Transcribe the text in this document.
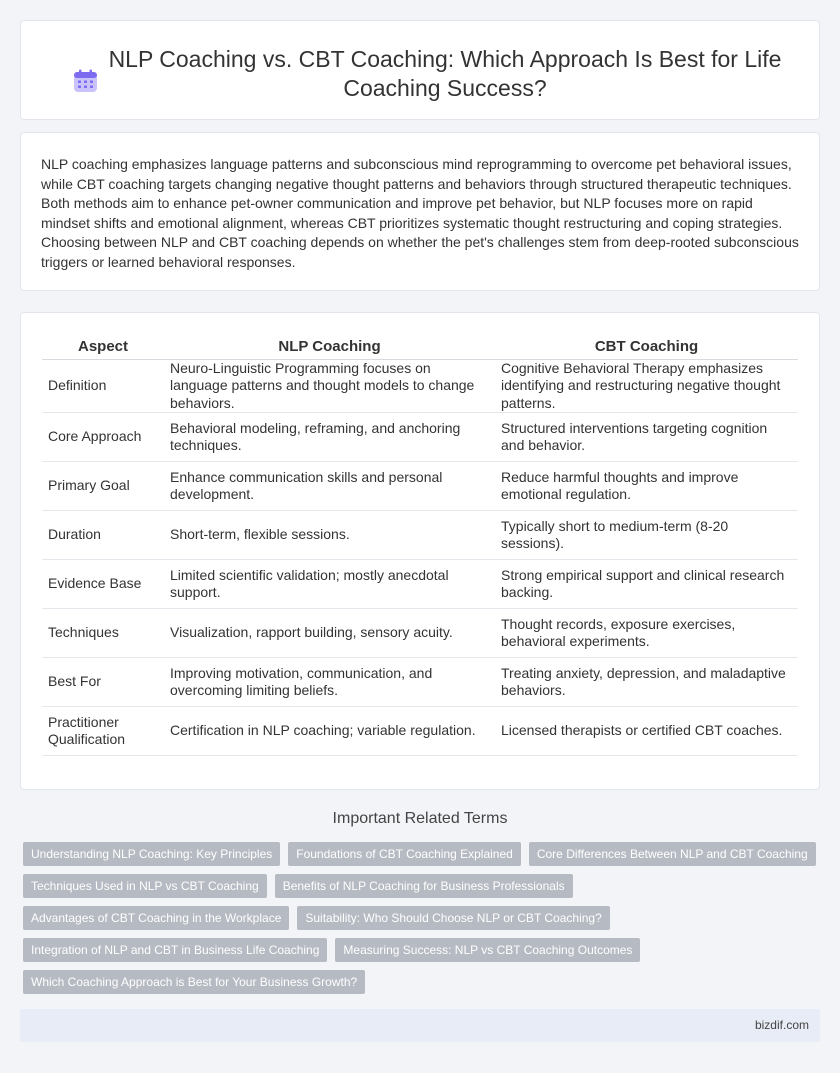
NLP Coaching vs. CBT Coaching: Which Approach Is Best for Life Coaching Success?

NLP coaching emphasizes language patterns and subconscious mind reprogramming to overcome pet behavioral issues, while CBT coaching targets changing negative thought patterns and behaviors through structured therapeutic techniques. Both methods aim to enhance pet-owner communication and improve pet behavior, but NLP focuses more on rapid mindset shifts and emotional alignment, whereas CBT prioritizes systematic thought restructuring and coping strategies. Choosing between NLP and CBT coaching depends on whether the pet's challenges stem from deep-rooted subconscious triggers or learned behavioral responses.

Aspect	NLP Coaching	CBT Coaching
Definition	Neuro-Linguistic Programming focuses on language patterns and thought models to change behaviors.	Cognitive Behavioral Therapy emphasizes identifying and restructuring negative thought patterns.
Core Approach	Behavioral modeling, reframing, and anchoring techniques.	Structured interventions targeting cognition and behavior.
Primary Goal	Enhance communication skills and personal development.	Reduce harmful thoughts and improve emotional regulation.
Duration	Short-term, flexible sessions.	Typically short to medium-term (8-20 sessions).
Evidence Base	Limited scientific validation; mostly anecdotal support.	Strong empirical support and clinical research backing.
Techniques	Visualization, rapport building, sensory acuity.	Thought records, exposure exercises, behavioral experiments.
Best For	Improving motivation, communication, and overcoming limiting beliefs.	Treating anxiety, depression, and maladaptive behaviors.
Practitioner Qualification	Certification in NLP coaching; variable regulation.	Licensed therapists or certified CBT coaches.
Important Related Terms
Understanding NLP Coaching: Key Principles	Foundations of CBT Coaching Explained	Core Differences Between NLP and CBT Coaching
Techniques Used in NLP vs CBT Coaching	Benefits of NLP Coaching for Business Professionals
Advantages of CBT Coaching in the Workplace	Suitability: Who Should Choose NLP or CBT Coaching?
Integration of NLP and CBT in Business Life Coaching	Measuring Success: NLP vs CBT Coaching Outcomes
Which Coaching Approach is Best for Your Business Growth?
bizdif.com
